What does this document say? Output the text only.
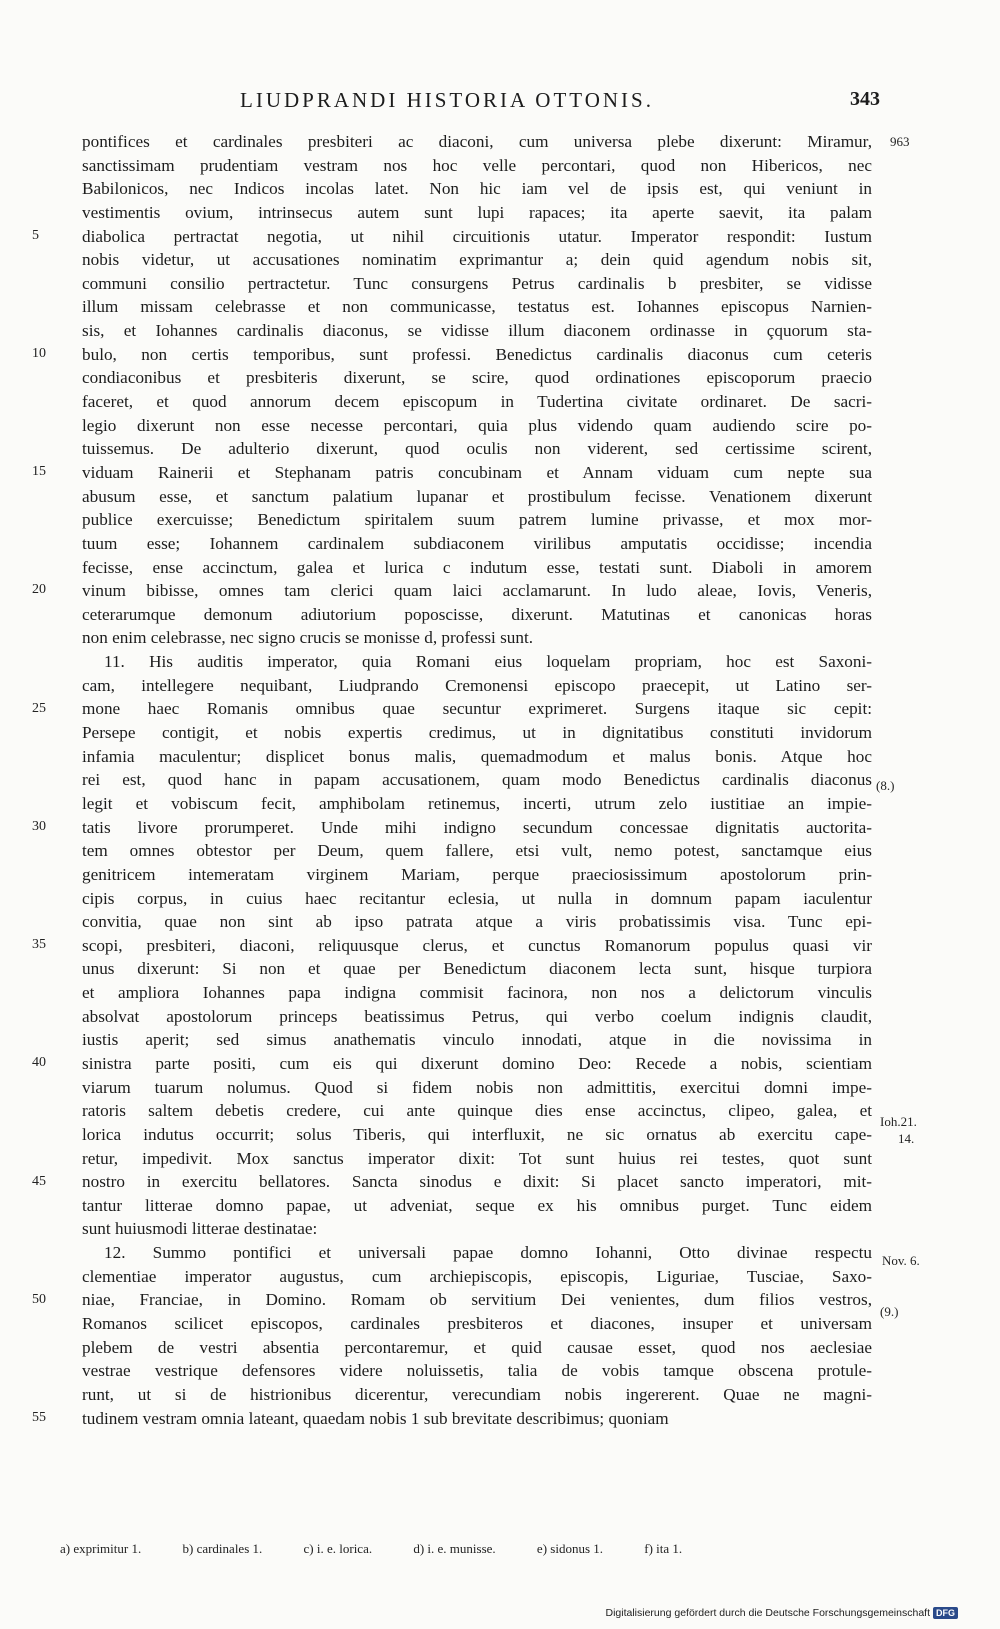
LIUDPRANDI HISTORIA OTTONIS.	343
pontifices et cardinales presbiteri ac diaconi, cum universa plebe dixerunt: Miramur,
sanctissimam prudentiam vestram nos hoc velle percontari, quod non Hibericos, nec
Babilonicos, nec Indicos incolas latet. Non hic iam vel de ipsis est, qui veniunt in
vestimentis ovium, intrinsecus autem sunt lupi rapaces; ita aperte saevit, ita palam
diabolica pertractat negotia, ut nihil circuitionis utatur. Imperator respondit: Iustum
nobis videtur, ut accusationes nominatim exprimantur a; dein quid agendum nobis sit,
communi consilio pertractetur. Tunc consurgens Petrus cardinalis b presbiter, se vidisse
illum missam celebrasse et non communicasse, testatus est. Iohannes episcopus Narnien-
sis, et Iohannes cardinalis diaconus, se vidisse illum diaconem ordinasse in çquorum sta-
bulo, non certis temporibus, sunt professi. Benedictus cardinalis diaconus cum ceteris
condiaconibus et presbiteris dixerunt, se scire, quod ordinationes episcoporum praecio
faceret, et quod annorum decem episcopum in Tudertina civitate ordinaret. De sacri-
legio dixerunt non esse necesse percontari, quia plus videndo quam audiendo scire po-
tuissemus. De adulterio dixerunt, quod oculis non viderent, sed certissime scirent,
viduam Rainerii et Stephanam patris concubinam et Annam viduam cum nepte sua
abusum esse, et sanctum palatium lupanar et prostibulum fecisse. Venationem dixerunt
publice exercuisse; Benedictum spiritalem suum patrem lumine privasse, et mox mor-
tuum esse; Iohannem cardinalem subdiaconem virilibus amputatis occidisse; incendia
fecisse, ense accinctum, galea et lurica c indutum esse, testati sunt. Diaboli in amorem
vinum bibisse, omnes tam clerici quam laici acclamarunt. In ludo aleae, Iovis, Veneris,
ceterarumque demonum adiutorium poposcisse, dixerunt. Matutinas et canonicas horas
non enim celebrasse, nec signo crucis se monisse d, professi sunt.
11. His auditis imperator, quia Romani eius loquelam propriam, hoc est Saxoni-
cam, intellegere nequibant, Liudprando Cremonensi episcopo praecepit, ut Latino ser-
mone haec Romanis omnibus quae secuntur exprimeret. Surgens itaque sic cepit:
Persepe contigit, et nobis expertis credimus, ut in dignitatibus constituti invidorum
infamia maculentur; displicet bonus malis, quemadmodum et malus bonis. Atque hoc
rei est, quod hanc in papam accusationem, quam modo Benedictus cardinalis diaconus
legit et vobiscum fecit, amphibolam retinemus, incerti, utrum zelo iustitiae an impie-
tatis livore prorumperet. Unde mihi indigno secundum concessae dignitatis auctorita-
tem omnes obtestor per Deum, quem fallere, etsi vult, nemo potest, sanctamque eius
genitricem intemeratam virginem Mariam, perque praeciosissimum apostolorum prin-
cipis corpus, in cuius haec recitantur eclesia, ut nulla in domnum papam iaculentur
convitia, quae non sint ab ipso patrata atque a viris probatissimis visa. Tunc epi-
scopi, presbiteri, diaconi, reliquusque clerus, et cunctus Romanorum populus quasi vir
unus dixerunt: Si non et quae per Benedictum diaconem lecta sunt, hisque turpiora
et ampliora Iohannes papa indigna commisit facinora, non nos a delictorum vinculis
absolvat apostolorum princeps beatissimus Petrus, qui verbo coelum indignis claudit,
iustis aperit; sed simus anathematis vinculo innodati, atque in die novissima in
sinistra parte positi, cum eis qui dixerunt domino Deo: Recede a nobis, scientiam
viarum tuarum nolumus. Quod si fidem nobis non admittitis, exercitui domni impe-
ratoris saltem debetis credere, cui ante quinque dies ense accinctus, clipeo, galea, et
lorica indutus occurrit; solus Tiberis, qui interfluxit, ne sic ornatus ab exercitu cape-
retur, impedivit. Mox sanctus imperator dixit: Tot sunt huius rei testes, quot sunt
nostro in exercitu bellatores. Sancta sinodus e dixit: Si placet sancto imperatori, mit-
tantur litterae domno papae, ut adveniat, seque ex his omnibus purget. Tunc eidem
sunt huiusmodi litterae destinatae:
12. Summo pontifici et universali papae domno Iohanni, Otto divinae respectu
clementiae imperator augustus, cum archiepiscopis, episcopis, Liguriae, Tusciae, Saxo-
niae, Franciae, in Domino. Romam ob servitium Dei venientes, dum filios vestros,
Romanos scilicet episcopos, cardinales presbiteros et diacones, insuper et universam
plebem de vestri absentia percontaremur, et quid causae esset, quod nos aeclesiae
vestrae vestrique defensores videre noluissetis, talia de vobis tamque obscena protule-
runt, ut si de histrionibus dicerentur, verecundiam nobis ingererent. Quae ne magni-
tudinem vestram omnia lateant, quaedam nobis 1 sub brevitate describimus; quoniam
5
10
15
20
25
30
35
40
45
50
55
963
(8.)
Ioh.21.
14.
Nov. 6.
(9.)
a) exprimitur 1.	b) cardinales 1.	c) i. e. lorica.	d) i. e. munisse.	e) sidonus 1.	f) ita 1.
Digitalisierung gefördert durch die Deutsche Forschungsgemeinschaft DFG
